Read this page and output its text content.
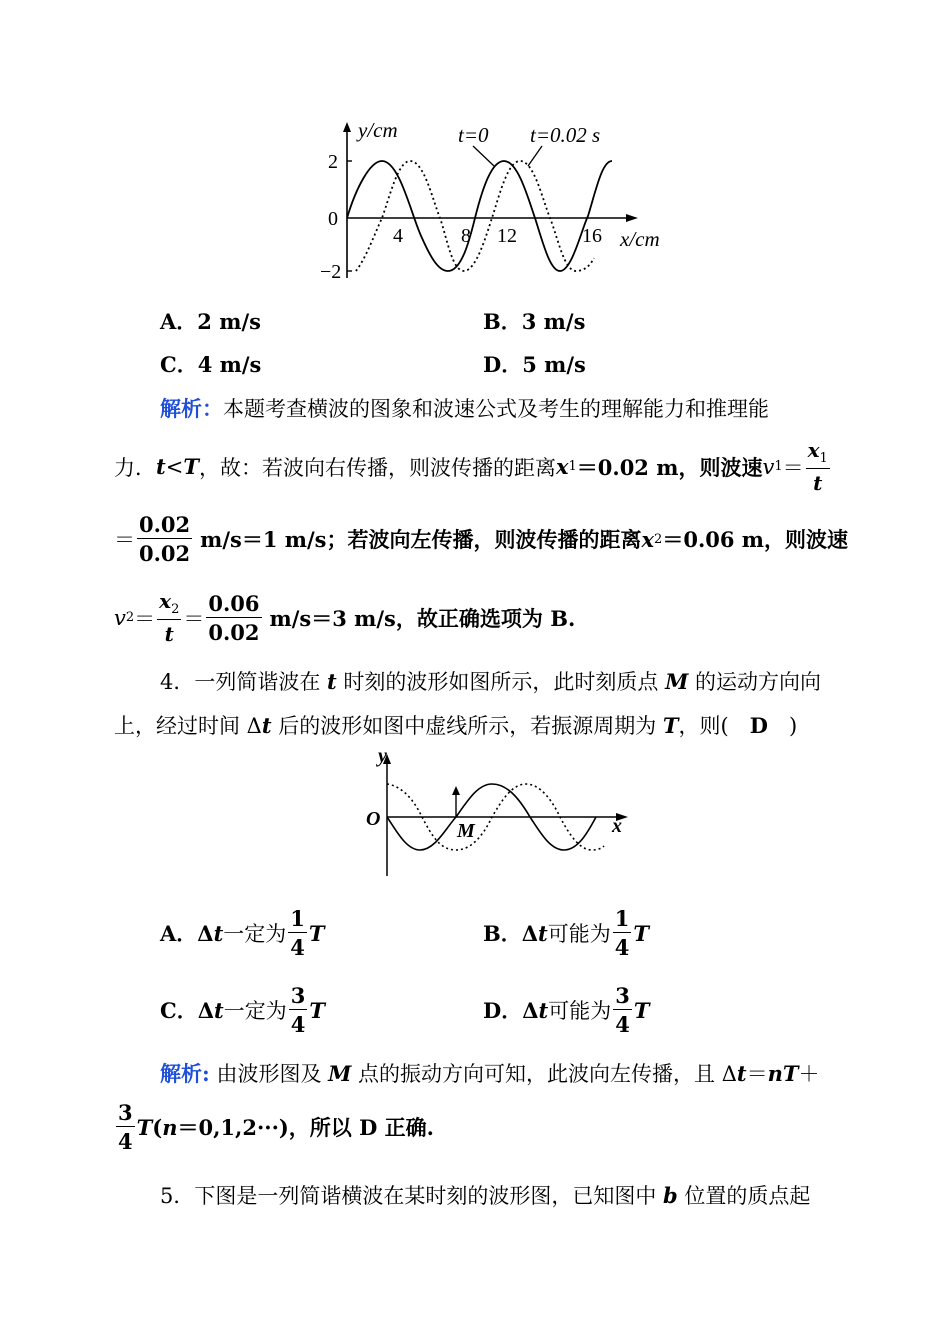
y/cm	t=0 t=0.02 s
2
0
−2
4	8 12	16 x/cm
A．2 m/s	B．3 m/s
C．4 m/s	D．5 m/s
解析：本题考查横波的图象和波速公式及考生的理解能力和推理能
力． t < T ，故：若波向右传播，则波传播的距离 x 1 ＝0.02 m，则波速 v $1 = \frac{x_1}{t}$
＝ $\frac{0.02}{0.02} m/s=1$ m/s；若波向左传播，则波传播的距离 x 2 ＝0.06 m，则波速
v $2 = \frac{x_2}{t} = \frac{0.06}{0.02} m/s=3$ m/s，故正确选项为 B.
4．一列简谐波在 t 时刻的波形如图所示，此时刻质点 M 的运动方向向
上，经过时间 Δt 后的波形如图中虚线所示，若振源周期为 T，则(　D　)
y
O
M	x
A． Δ t 一定为 $\frac{1}{4}$ T	B． Δ t 可能为 $\frac{1}{4}$ T
C． Δ t 一定为 $\frac{3}{4}$ T	D． Δ t 可能为 $\frac{3}{4}$ T
解析: 由波形图及 M 点的振动方向可知，此波向左传播，且 Δt＝nT＋
$\frac{3}{4}$ T ( n ＝0,1,2···)，所以 D 正确.
5．下图是一列简谐横波在某时刻的波形图，已知图中 b 位置的质点起
